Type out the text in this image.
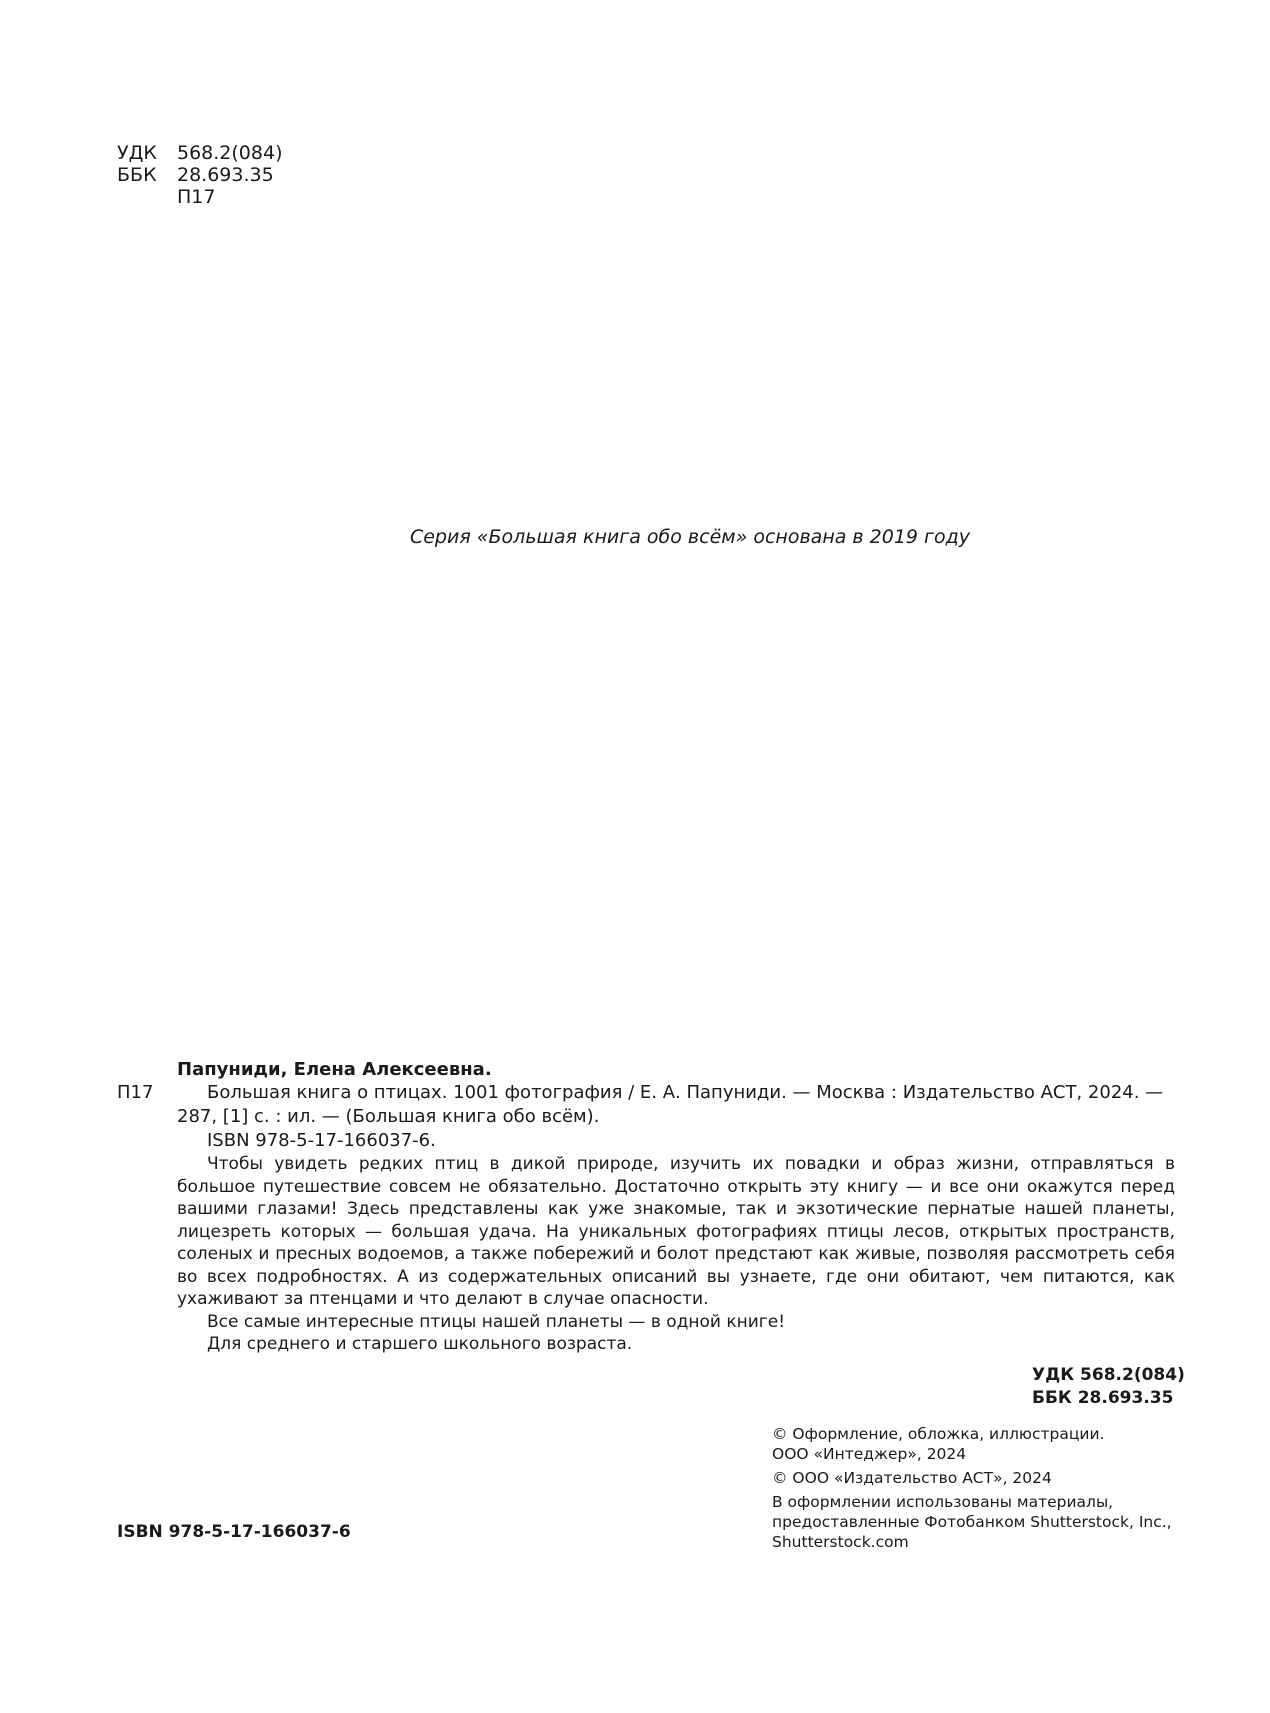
УДК 568.2(084)
ББК 28.693.35
П17
Серия «Большая книга обо всём» основана в 2019 году
Папуниди, Елена Алексеевна.
П17	Большая книга о птицах. 1001 фотография / Е. А. Папуниди. — Москва : Издательство АСТ, 2024. — 287, [1] с. : ил. — (Большая книга обо всём).

ISBN 978-5-17-166037-6.

Чтобы увидеть редких птиц в дикой природе, изучить их повадки и образ жизни, отправляться в большое путешествие совсем не обязательно. Достаточно открыть эту книгу — и все они окажутся перед вашими глазами! Здесь представлены как уже знакомые, так и экзотические пернатые нашей планеты, лицезреть которых — большая удача. На уникальных фотографиях птицы лесов, открытых пространств, соленых и пресных водоемов, а также побережий и болот предстают как живые, позволяя рассмотреть себя во всех подробностях. А из содержательных описаний вы узнаете, где они обитают, чем питаются, как ухаживают за птенцами и что делают в случае опасности.

Все самые интересные птицы нашей планеты — в одной книге!

Для среднего и старшего школьного возраста.

УДК 568.2(084)
ББК 28.693.35

© Оформление, обложка, иллюстрации.

ООО «Интеджер», 2024

© ООО «Издательство АСТ», 2024

В оформлении использованы материалы,

предоставленные Фотобанком Shutterstock, Inc.,

Shutterstock.com

ISBN 978-5-17-166037-6
